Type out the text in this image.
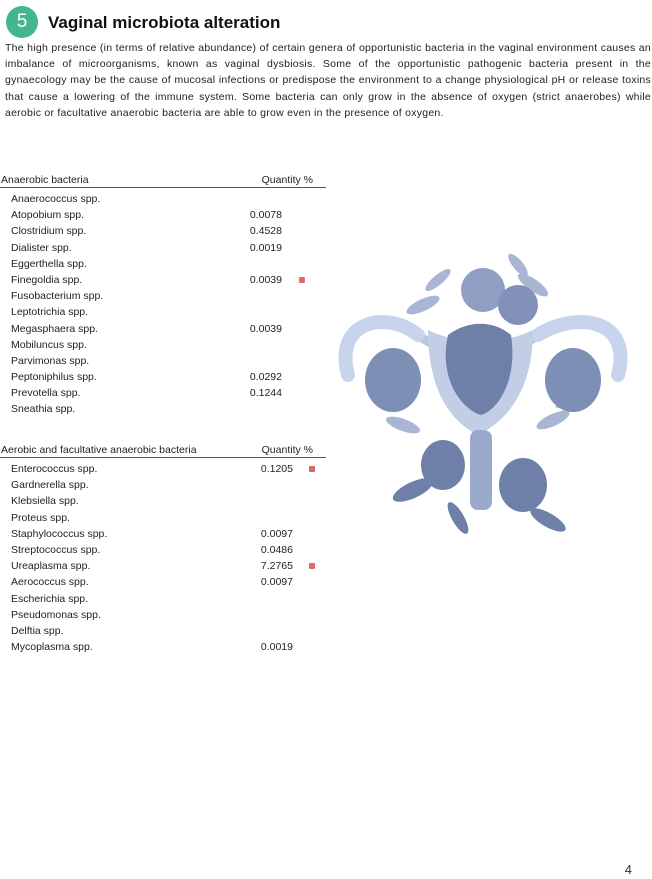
5	Vaginal microbiota alteration

The high presence (in terms of relative abundance) of certain genera of opportunistic bacteria in the vaginal environment causes an imbalance of microorganisms, known as vaginal dysbiosis. Some of the opportunistic pathogenic bacteria present in the gynaecology may be the cause of mucosal infections or predispose the environment to a change physiological pH or release toxins that cause a lowering of the immune system. Some bacteria can only grow in the absence of oxygen (strict anaerobes) while aerobic or facultative anaerobic bacteria are able to grow even in the presence of oxygen.

Anaerobic bacteria	Quantity %
Anaerococcus spp.
Atopobium spp.	0.0078
Clostridium spp.	0.4528
Dialister spp.	0.0019
Eggerthella spp.
Finegoldia spp.	0.0039
Fusobacterium spp.
Leptotrichia spp.
Megasphaera spp.	0.0039
Mobiluncus spp.
Parvimonas spp.
Peptoniphilus spp.	0.0292
Prevotella spp.	0.1244
Sneathia spp.
Aerobic and facultative anaerobic bacteria	Quantity %
Enterococcus spp.	0.1205
Gardnerella spp.
Klebsiella spp.
Proteus spp.
Staphylococcus spp.	0.0097
Streptococcus spp.	0.0486
Ureaplasma spp.	7.2765
Aerococcus spp.	0.0097
Escherichia spp.
Pseudomonas spp.
Delftia spp.
Mycoplasma spp.	0.0019
4
